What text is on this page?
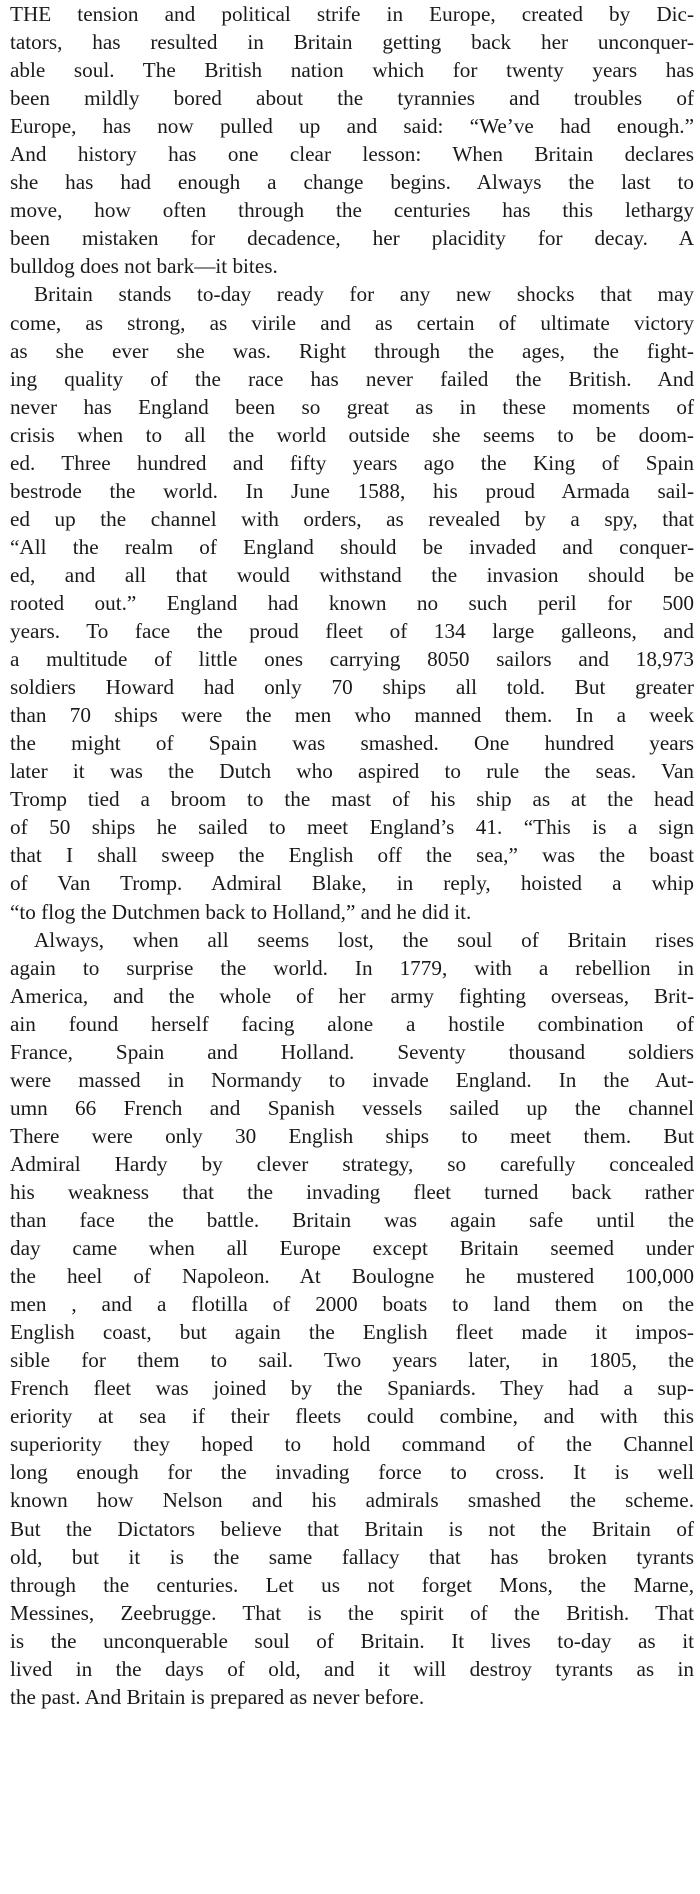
THE tension and political strife in Europe, created by Dic-
tators, has resulted in Britain getting back her unconquer-
able soul. The British nation which for twenty years has
been mildly bored about the tyrannies and troubles of
Europe, has now pulled up and said: “We’ve had enough.”
And history has one clear lesson: When Britain declares
she has had enough a change begins. Always the last to
move, how often through the centuries has this lethargy
been mistaken for decadence, her placidity for decay. A
bulldog does not bark—it bites.
Britain stands to-day ready for any new shocks that may
come, as strong, as virile and as certain of ultimate victory
as she ever she was. Right through the ages, the fight-
ing quality of the race has never failed the British. And
never has England been so great as in these moments of
crisis when to all the world outside she seems to be doom-
ed. Three hundred and fifty years ago the King of Spain
bestrode the world. In June 1588, his proud Armada sail-
ed up the channel with orders, as revealed by a spy, that
“All the realm of England should be invaded and conquer-
ed, and all that would withstand the invasion should be
rooted out.” England had known no such peril for 500
years. To face the proud fleet of 134 large galleons, and
a multitude of little ones carrying 8050 sailors and 18,973
soldiers Howard had only 70 ships all told. But greater
than 70 ships were the men who manned them. In a week
the might of Spain was smashed. One hundred years
later it was the Dutch who aspired to rule the seas. Van
Tromp tied a broom to the mast of his ship as at the head
of 50 ships he sailed to meet England’s 41. “This is a sign
that I shall sweep the English off the sea,” was the boast
of Van Tromp. Admiral Blake, in reply, hoisted a whip
“to flog the Dutchmen back to Holland,” and he did it.
Always, when all seems lost, the soul of Britain rises
again to surprise the world. In 1779, with a rebellion in
America, and the whole of her army fighting overseas, Brit-
ain found herself facing alone a hostile combination of
France, Spain and Holland. Seventy thousand soldiers
were massed in Normandy to invade England. In the Aut-
umn 66 French and Spanish vessels sailed up the channel
There were only 30 English ships to meet them. But
Admiral Hardy by clever strategy, so carefully concealed
his weakness that the invading fleet turned back rather
than face the battle. Britain was again safe until the
day came when all Europe except Britain seemed under
the heel of Napoleon. At Boulogne he mustered 100,000
men , and a flotilla of 2000 boats to land them on the
English coast, but again the English fleet made it impos-
sible for them to sail. Two years later, in 1805, the
French fleet was joined by the Spaniards. They had a sup-
eriority at sea if their fleets could combine, and with this
superiority they hoped to hold command of the Channel
long enough for the invading force to cross. It is well
known how Nelson and his admirals smashed the scheme.
But the Dictators believe that Britain is not the Britain of
old, but it is the same fallacy that has broken tyrants
through the centuries. Let us not forget Mons, the Marne,
Messines, Zeebrugge. That is the spirit of the British. That
is the unconquerable soul of Britain. It lives to-day as it
lived in the days of old, and it will destroy tyrants as in
the past. And Britain is prepared as never before.
